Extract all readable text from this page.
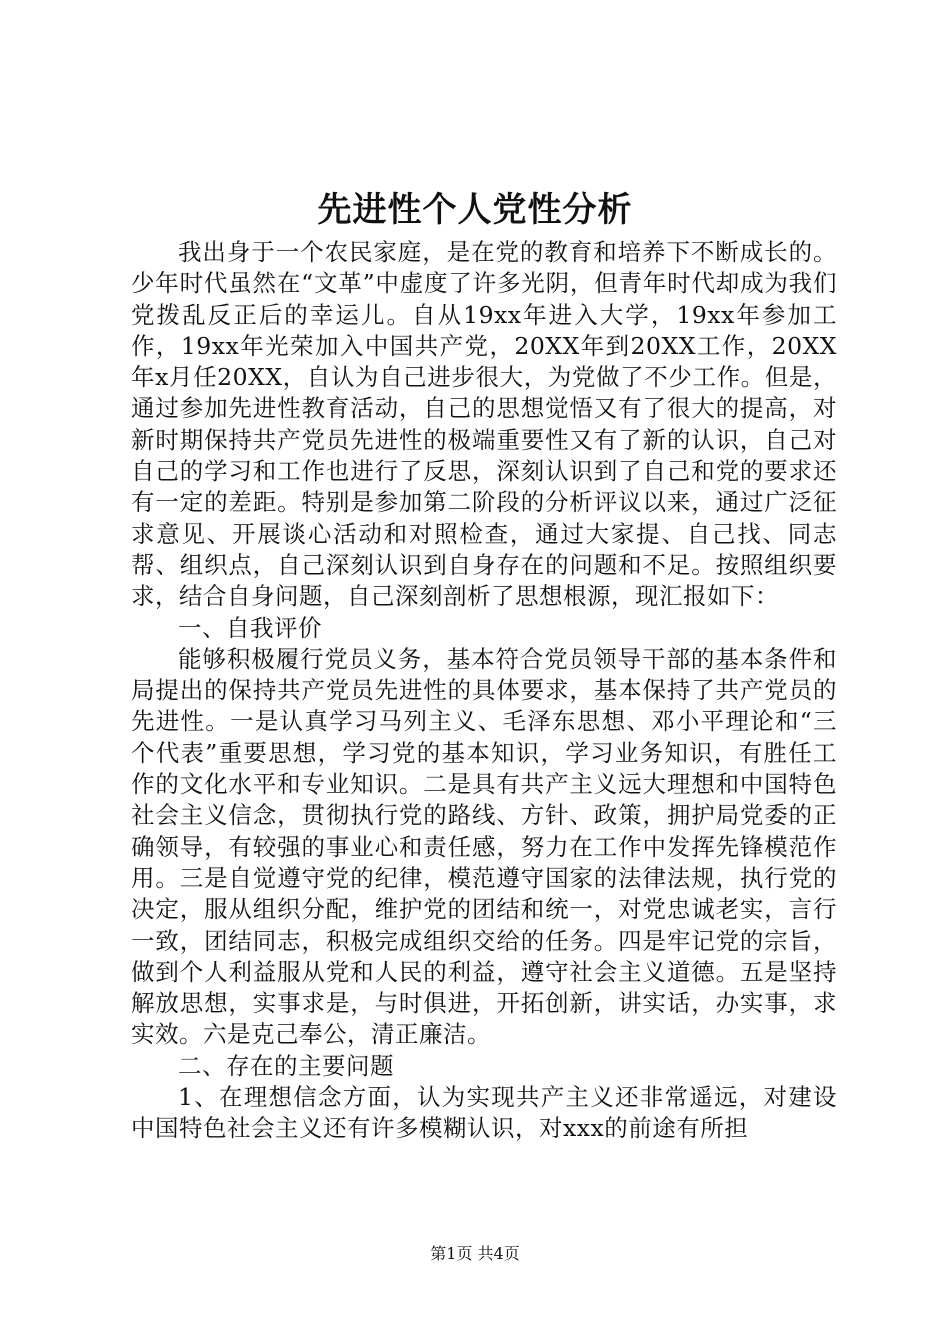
先进性个人党性分析

我出身于一个农民家庭，是在党的教育和培养下不断成长的。少年时代虽然在“文革”中虚度了许多光阴，但青年时代却成为我们党拨乱反正后的幸运儿。自从19xx年进入大学，19xx年参加工作，19xx年光荣加入中国共产党，20XX年到20XX工作，20XX年x月任20XX，自认为自己进步很大，为党做了不少工作。但是，通过参加先进性教育活动，自己的思想觉悟又有了很大的提高，对新时期保持共产党员先进性的极端重要性又有了新的认识，自己对自己的学习和工作也进行了反思，深刻认识到了自己和党的要求还有一定的差距。特别是参加第二阶段的分析评议以来，通过广泛征求意见、开展谈心活动和对照检查，通过大家提、自己找、同志帮、组织点，自己深刻认识到自身存在的问题和不足。按照组织要求，结合自身问题，自己深刻剖析了思想根源，现汇报如下：

一、自我评价

能够积极履行党员义务，基本符合党员领导干部的基本条件和局提出的保持共产党员先进性的具体要求，基本保持了共产党员的先进性。一是认真学习马列主义、毛泽东思想、邓小平理论和“三个代表”重要思想，学习党的基本知识，学习业务知识，有胜任工作的文化水平和专业知识。二是具有共产主义远大理想和中国特色社会主义信念，贯彻执行党的路线、方针、政策，拥护局党委的正确领导，有较强的事业心和责任感，努力在工作中发挥先锋模范作用。三是自觉遵守党的纪律，模范遵守国家的法律法规，执行党的决定，服从组织分配，维护党的团结和统一，对党忠诚老实，言行一致，团结同志，积极完成组织交给的任务。四是牢记党的宗旨，做到个人利益服从党和人民的利益，遵守社会主义道德。五是坚持解放思想，实事求是，与时俱进，开拓创新，讲实话，办实事，求实效。六是克己奉公，清正廉洁。

二、存在的主要问题

1、在理想信念方面，认为实现共产主义还非常遥远，对建设中国特色社会主义还有许多模糊认识，对xxx的前途有所担

第1页 共4页
